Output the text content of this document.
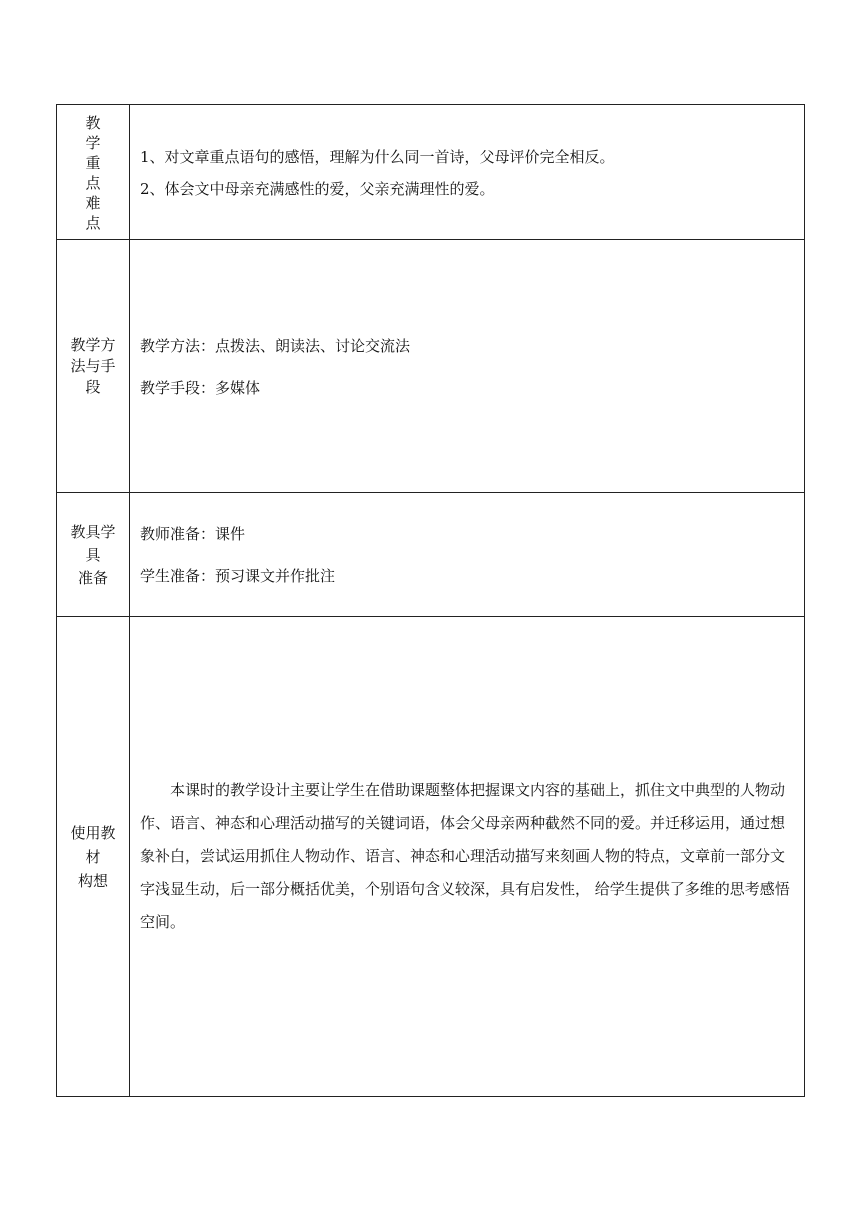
教
学
重
点
难
点

1、对文章重点语句的感悟，理解为什么同一首诗，父母评价完全相反。

2、体会文中母亲充满感性的爱，父亲充满理性的爱。

教学方
法与手
段

教学方法：点拨法、朗读法、讨论交流法

教学手段：多媒体

教具学
具
准备

教师准备：课件

学生准备：预习课文并作批注

使用教
材
构想

本课时的教学设计主要让学生在借助课题整体把握课文内容的基础上，抓住文中典型的人物动作、语言、神态和心理活动描写的关键词语，体会父母亲两种截然不同的爱。并迁移运用，通过想象补白，尝试运用抓住人物动作、语言、神态和心理活动描写来刻画人物的特点，文章前一部分文字浅显生动，后一部分概括优美，个别语句含义较深，具有启发性， 给学生提供了多维的思考感悟空间。
